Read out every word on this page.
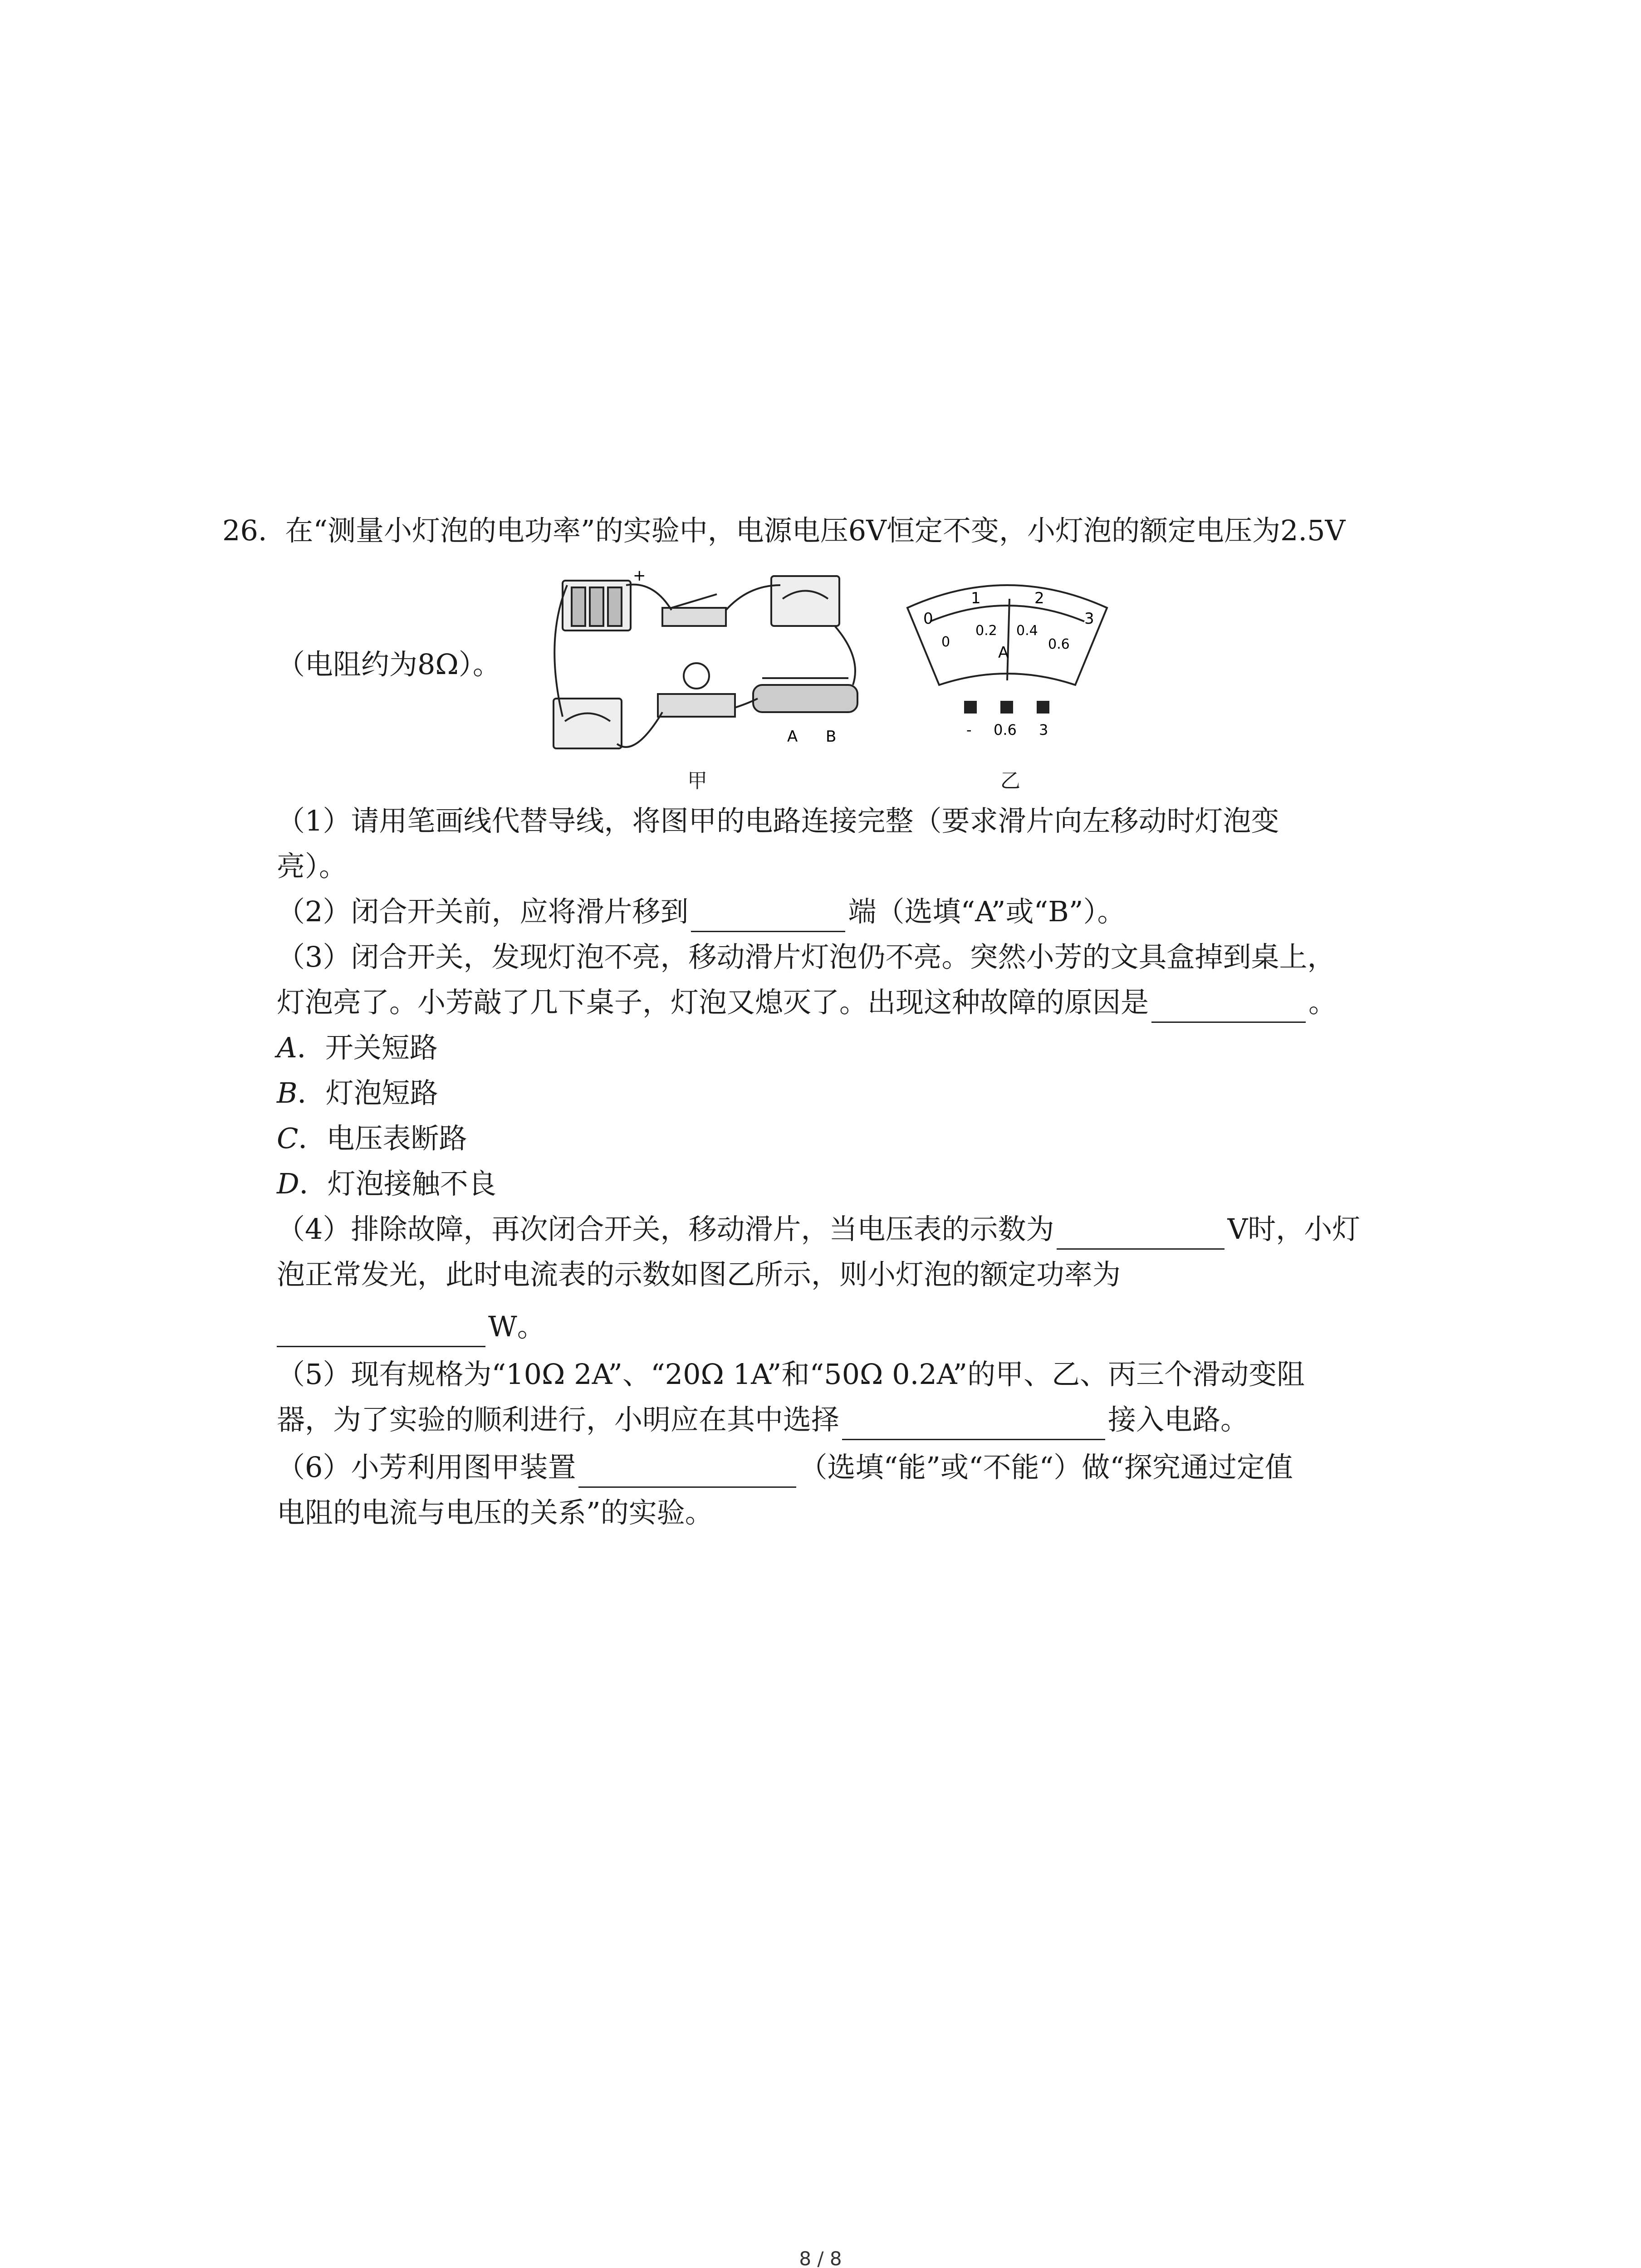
26. 在“测量小灯泡的电功率”的实验中，电源电压6V恒定不变，小灯泡的额定电压为2.5V
（电阻约为8Ω）。
+
A B
甲
0
1	2
3
0
0.2 0.4
0.6
A
- 0.6 3
乙
（1）请用笔画线代替导线，将图甲的电路连接完整（要求滑片向左移动时灯泡变
亮）。
（2）闭合开关前，应将滑片移到	端（选填“A”或“B”）。
（3）闭合开关，发现灯泡不亮，移动滑片灯泡仍不亮。突然小芳的文具盒掉到桌上，
灯泡亮了。小芳敲了几下桌子，灯泡又熄灭了。出现这种故障的原因是	。
A．开关短路
B．灯泡短路
C．电压表断路
D．灯泡接触不良
（4）排除故障，再次闭合开关，移动滑片，当电压表的示数为	V时，小灯
泡正常发光，此时电流表的示数如图乙所示，则小灯泡的额定功率为
W。
（5）现有规格为“10Ω 2A”、“20Ω 1A”和“50Ω 0.2A”的甲、乙、丙三个滑动变阻
器，为了实验的顺利进行，小明应在其中选择	接入电路。
（6）小芳利用图甲装置	（选填“能”或“不能“）做“探究通过定值
电阻的电流与电压的关系”的实验。
8 / 8
